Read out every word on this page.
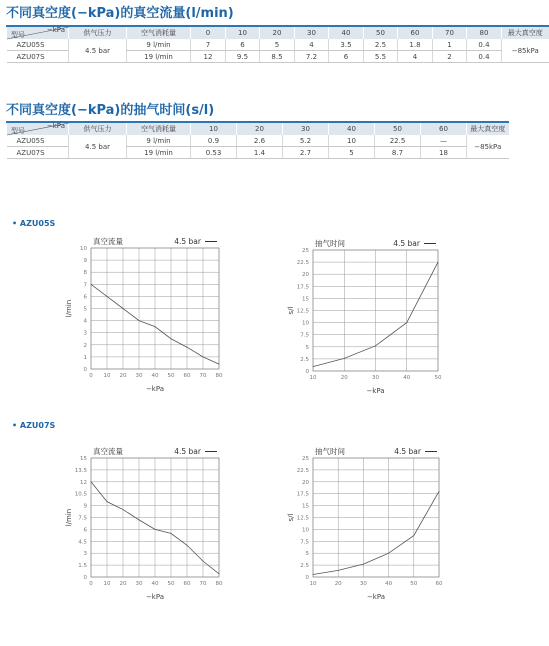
不同真空度(−kPa)的真空流量(l/min)
−kPa
型号	供气压力	空气消耗量	0	10	20	30	40	50	60	70	80	最大真空度
AZU05S	4.5 bar	9 l/min	7	6	5	4	3.5	2.5	1.8	1	0.4	−85kPa
AZU07S		19 l/min	12	9.5	8.5	7.2	6	5.5	4	2	0.4	
不同真空度(−kPa)的抽气时间(s/l)
−kPa
型号	供气压力	空气消耗量	10	20	30	40	50	60	最大真空度
AZU05S	4.5 bar	9 l/min	0.9	2.6	5.2	10	22.5	—	−85kPa
AZU07S		19 l/min	0.53	1.4	2.7	5	8.7	18	
• AZU05S
• AZU07S
0 10 20 30 40 50 60 70 80
0
1
2
3
4
5
6
7
8
9
10
真空流量	4.5 bar
−kPa
l/min
10	20	30	40	50
0
2.5
5
7.5
10
12.5
15
17.5
20
22.5
25
抽气时间	4.5 bar
−kPa
s/l
0 10 20 30 40 50 60 70 80
0
1.5
3
4.5
6
7.5
9
10.5
12
13.5
15
真空流量	4.5 bar
−kPa
l/min
10	20	30	40	50	60
0
2.5
5
7.5
10
12.5
15
17.5
20
22.5
25
抽气时间	4.5 bar
−kPa
s/l
